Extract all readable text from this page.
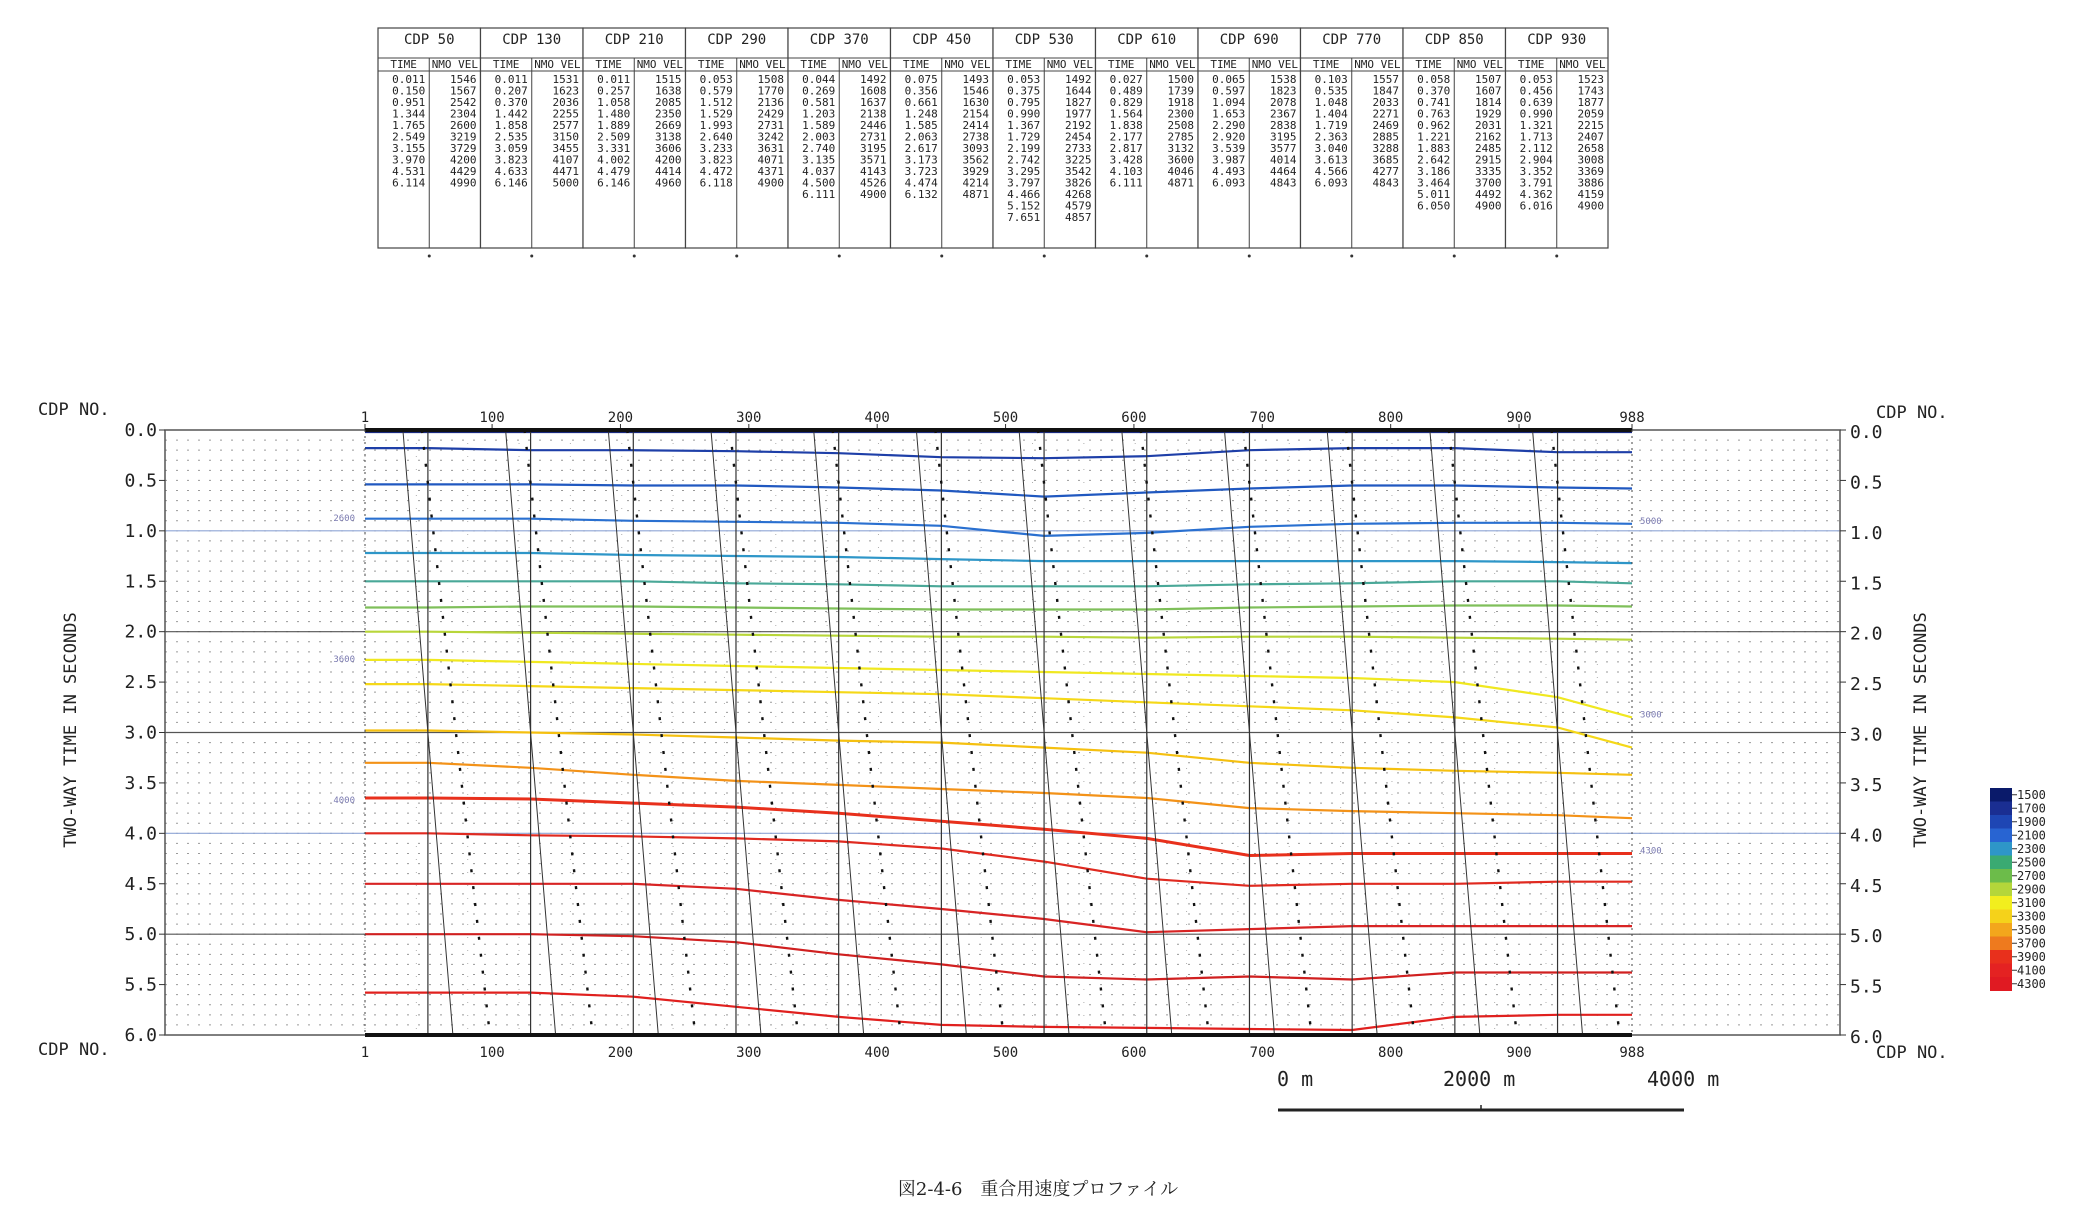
CDP 50
TIME NMO VEL
0.011 1546
0.150 1567
0.951 2542
1.344 2304
1.765 2600
2.549 3219
3.155 3729
3.970 4200
4.531 4429
6.114 4990
CDP 130
TIME NMO VEL
0.011 1531
0.207 1623
0.370 2036
1.442 2255
1.858 2577
2.535 3150
3.059 3455
3.823 4107
4.633 4471
6.146 5000
CDP 210
TIME NMO VEL
0.011 1515
0.257 1638
1.058 2085
1.480 2350
1.889 2669
2.509 3138
3.331 3606
4.002 4200
4.479 4414
6.146 4960
CDP 290
TIME NMO VEL
0.053 1508
0.579 1770
1.512 2136
1.529 2429
1.993 2731
2.640 3242
3.233 3631
3.823 4071
4.472 4371
6.118 4900
CDP 370
TIME NMO VEL
0.044 1492
0.269 1608
0.581 1637
1.203 2138
1.589 2446
2.003 2731
2.740 3195
3.135 3571
4.037 4143
4.500 4526
6.111 4900
CDP 450
TIME NMO VEL
0.075 1493
0.356 1546
0.661 1630
1.248 2154
1.585 2414
2.063 2738
2.617 3093
3.173 3562
3.723 3929
4.474 4214
6.132 4871
CDP 530
TIME NMO VEL
0.053 1492
0.375 1644
0.795 1827
0.990 1977
1.367 2192
1.729 2454
2.199 2733
2.742 3225
3.295 3542
3.797 3826
4.466 4268
5.152 4579
7.651 4857
CDP 610
TIME NMO VEL
0.027 1500
0.489 1739
0.829 1918
1.564 2300
1.838 2508
2.177 2785
2.817 3132
3.428 3600
4.103 4046
6.111 4871
CDP 690
TIME NMO VEL
0.065 1538
0.597 1823
1.094 2078
1.653 2367
2.290 2838
2.920 3195
3.539 3577
3.987 4014
4.493 4464
6.093 4843
CDP 770
TIME NMO VEL
0.103 1557
0.535 1847
1.048 2033
1.404 2271
1.719 2469
2.363 2885
3.040 3288
3.613 3685
4.566 4277
6.093 4843
CDP 850
TIME NMO VEL
0.058 1507
0.370 1607
0.741 1814
0.763 1929
0.962 2031
1.221 2162
1.883 2485
2.642 2915
3.186 3335
3.464 3700
5.011 4492
6.050 4900
CDP 930
TIME NMO VEL
0.053 1523
0.456 1743
0.639 1877
0.990 2059
1.321 2215
1.713 2407
2.112 2658
2.904 3008
3.352 3369
3.791 3886
4.362 4159
6.016 4900
1
1
100
100
200
200
300
300
400
400
500
500
600
600
700
700
800
800
900
900
988
988
0.0	0.0
0.5	0.5
1.0	1.0
1.5	1.5
2.0	2.0
2.5	2.5
3.0	3.0
3.5	3.5
4.0	4.0
4.5	4.5
5.0	5.0
5.5	5.5
6.0	6.0
2600
3600
4000
5000
3000
4300
CDP NO.	CDP NO.
CDP NO.	CDP NO.
TWO-WAY TIME IN SECONDS	TWO-WAY TIME IN SECONDS	1500
1700
1900
2100
2300
2500
2700
2900
3100
3300
3500
3700
3900
4100
4300
0 m	2000 m	4000 m
図2-4-6　重合用速度プロファイル
